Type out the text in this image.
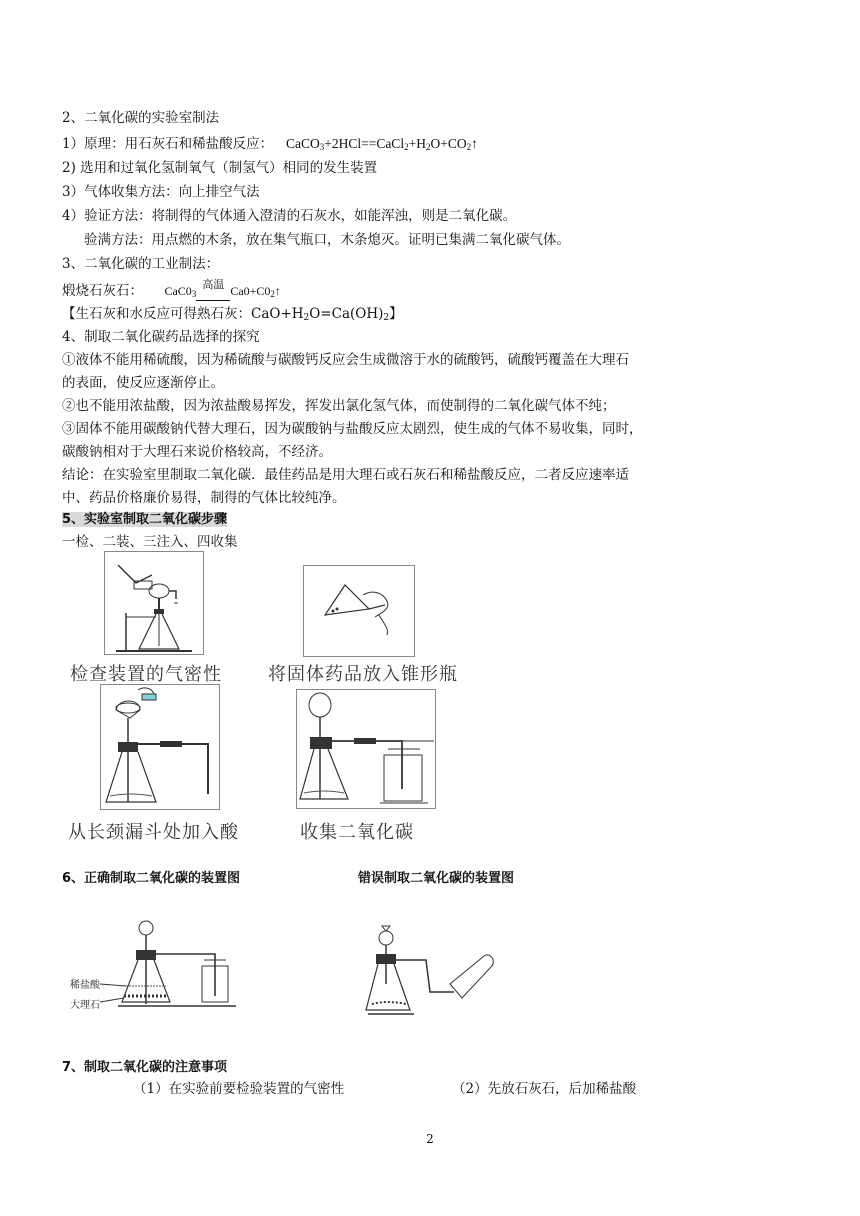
2、二氧化碳的实验室制法
1）原理：用石灰石和稀盐酸反应： $CaCO_3+2HCl==CaCl_2+H_2O+CO_2↑$
2) 选用和过氧化氢制氧气（制氢气）相同的发生装置
3）气体收集方法：向上排空气法
4）验证方法：将制得的气体通入澄清的石灰水，如能浑浊，则是二氧化碳。
验满方法：用点燃的木条，放在集气瓶口，木条熄灭。证明已集满二氧化碳气体。
3、二氧化碳的工业制法：
煅烧石灰石： $CaC0_3$
高温 $Ca0+C0_2↑$
【生石灰和水反应可得熟石灰：$CaO+H_2O=Ca(OH)_2$】
4、制取二氧化碳药品选择的探究
①液体不能用稀硫酸，因为稀硫酸与碳酸钙反应会生成微溶于水的硫酸钙，硫酸钙覆盖在大理石
的表面，使反应逐渐停止。
②也不能用浓盐酸，因为浓盐酸易挥发，挥发出氯化氢气体，而使制得的二氧化碳气体不纯；
③固体不能用碳酸钠代替大理石，因为碳酸钠与盐酸反应太剧烈，使生成的气体不易收集，同时，
碳酸钠相对于大理石来说价格较高，不经济。
结论：在实验室里制取二氧化碳．最佳药品是用大理石或石灰石和稀盐酸反应，二者反应速率适
中、药品价格廉价易得，制得的气体比较纯净。
5、实验室制取二氧化碳步骤
一检、二装、三注入、四收集
检查装置的气密性	将固体药品放入锥形瓶
从长颈漏斗处加入酸	收集二氧化碳
6、正确制取二氧化碳的装置图	错误制取二氧化碳的装置图
稀盐酸
大理石
7、制取二氧化碳的注意事项
（1）在实验前要检验装置的气密性	（2）先放石灰石，后加稀盐酸
2
